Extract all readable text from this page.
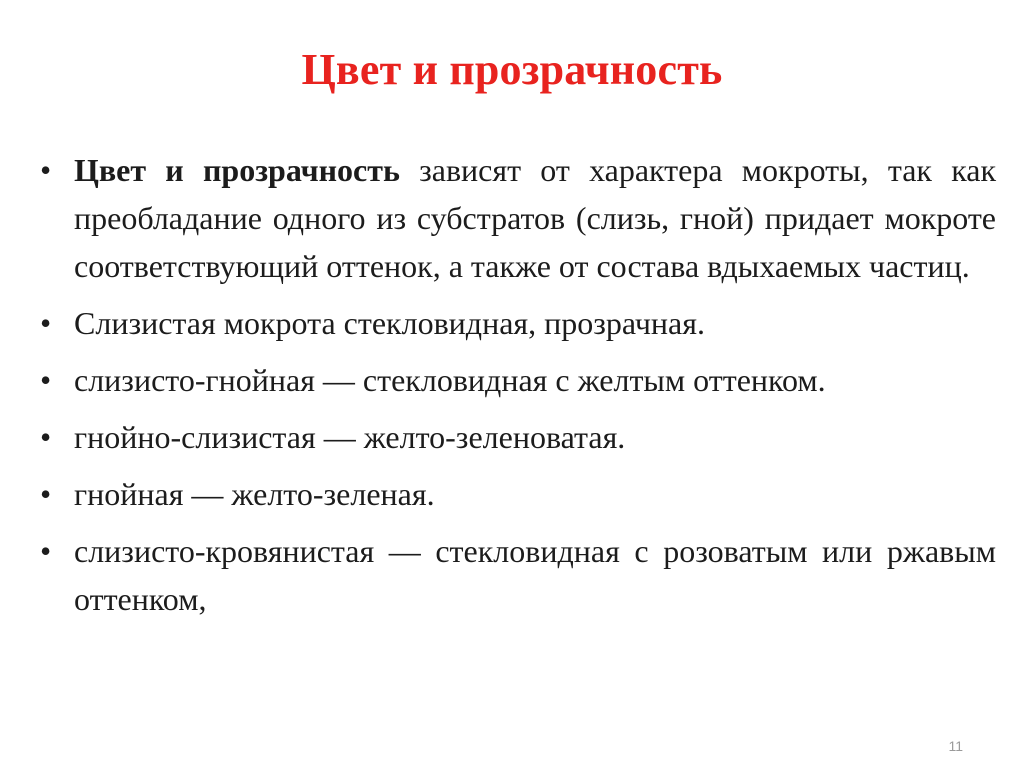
Цвет и прозрачность
• Цвет и прозрачность зависят от характера мокроты, так как преобладание одного из субстратов (слизь, гной) придает мокроте соответствующий оттенок, а также от состава вдыхаемых частиц.
• Слизистая мокрота стекловидная, прозрачная.
• слизисто-гнойная — стекловидная с желтым оттенком.
• гнойно-слизистая — желто-зеленоватая.
• гнойная — желто-зеленая.
• слизисто-кровянистая — стекловидная с розоватым или ржавым оттенком,
11
